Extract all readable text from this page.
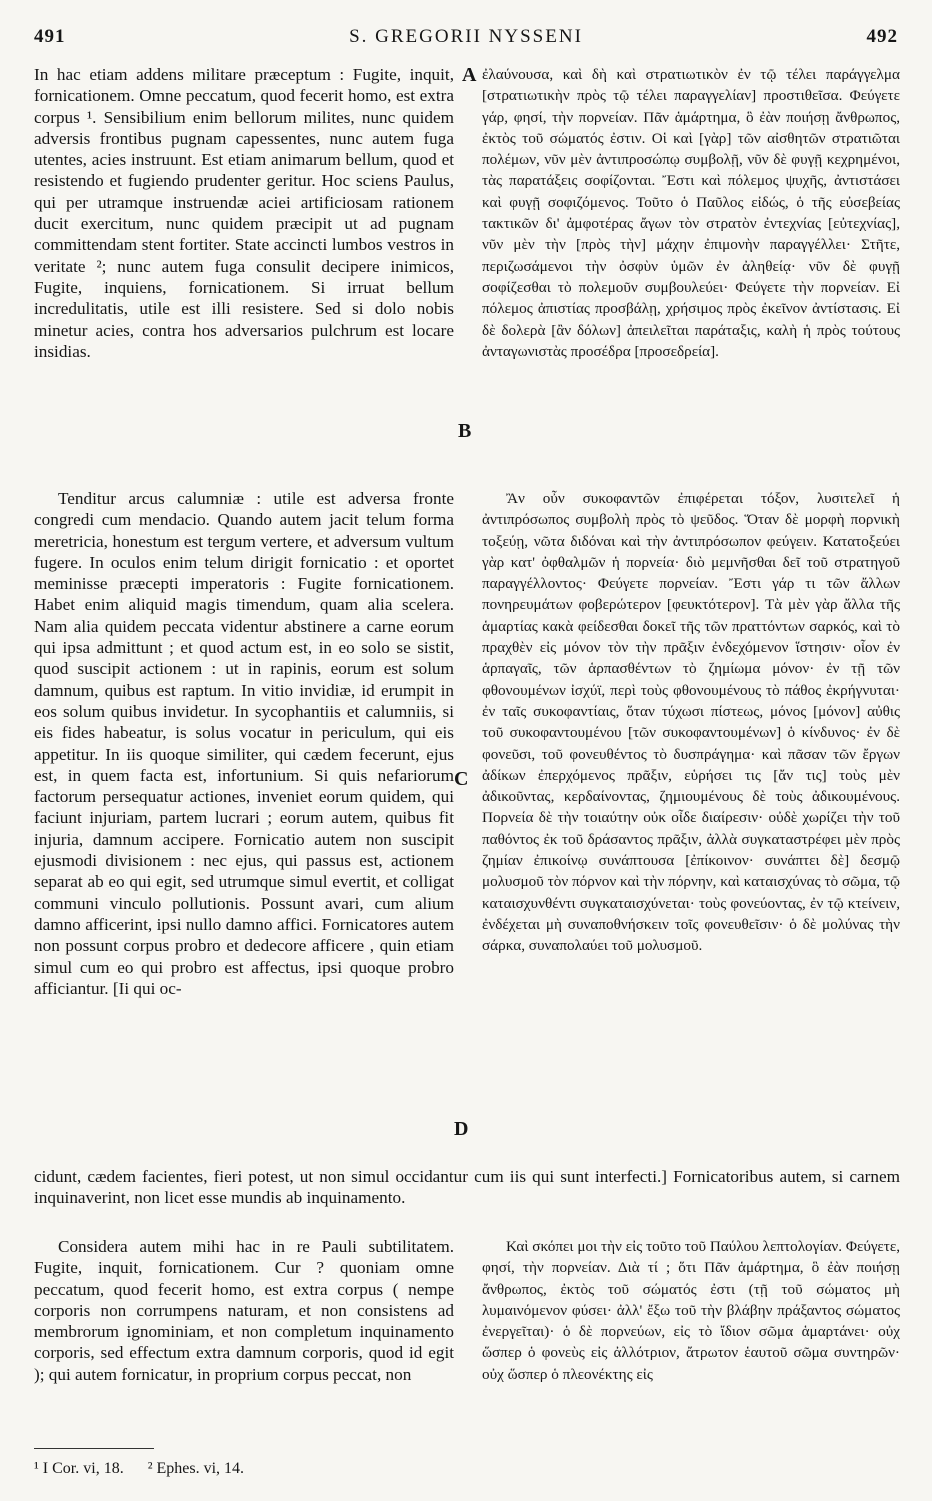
491	S. GREGORII NYSSENI	492

In hac etiam addens militare præceptum : Fugite, inquit, fornicationem. Omne peccatum, quod fecerit homo, est extra corpus ¹. Sensibilium enim bellorum milites, nunc quidem adversis frontibus pugnam capessentes, nunc autem fuga utentes, acies instruunt. Est etiam animarum bellum, quod et resistendo et fugiendo prudenter geritur. Hoc sciens Paulus, qui per utramque instruendæ aciei artificiosam rationem ducit exercitum, nunc quidem præcipit ut ad pugnam committendam stent fortiter. State accincti lumbos vestros in veritate ²; nunc autem fuga consulit decipere inimicos, Fugite, inquiens, fornicationem. Si irruat bellum incredulitatis, utile est illi resistere. Sed si dolo nobis minetur acies, contra hos adversarios pulchrum est locare insidias.

ἐλαύνουσα, καὶ δὴ καὶ στρατιωτικὸν ἐν τῷ τέλει παράγγελμα [στρατιωτικὴν πρὸς τῷ τέλει παραγγελίαν] προστιθεῖσα. Φεύγετε γάρ, φησί, τὴν πορνείαν. Πᾶν ἁμάρτημα, ὃ ἐὰν ποιήσῃ ἄνθρωπος, ἐκτὸς τοῦ σώματός ἐστιν. Οἱ καὶ [γὰρ] τῶν αἰσθητῶν στρατιῶται πολέμων, νῦν μὲν ἀντιπροσώπῳ συμβολῇ, νῦν δὲ φυγῇ κεχρημένοι, τὰς παρατάξεις σοφίζονται. Ἔστι καὶ πόλεμος ψυχῆς, ἀντιστάσει καὶ φυγῇ σοφιζόμενος. Τοῦτο ὁ Παῦλος εἰδώς, ὁ τῆς εὐσεβείας τακτικῶν δι' ἀμφοτέρας ἄγων τὸν στρατὸν ἐντεχνίας [εὐτεχνίας], νῦν μὲν τὴν [πρὸς τὴν] μάχην ἐπιμονὴν παραγγέλλει· Στῆτε, περιζωσάμενοι τὴν ὀσφὺν ὑμῶν ἐν ἀληθείᾳ· νῦν δὲ φυγῇ σοφίζεσθαι τὸ πολεμοῦν συμβουλεύει· Φεύγετε τὴν πορνείαν. Εἰ πόλεμος ἀπιστίας προσβάλῃ, χρήσιμος πρὸς ἐκεῖνον ἀντίστασις. Εἰ δὲ δολερὰ [ἂν δόλων] ἀπειλεῖται παράταξις, καλὴ ἡ πρὸς τούτους ἀνταγωνιστὰς προσέδρα [προσεδρεία].

Tenditur arcus calumniæ : utile est adversa fronte congredi cum mendacio. Quando autem jacit telum forma meretricia, honestum est tergum vertere, et adversum vultum fugere. In oculos enim telum dirigit fornicatio : et oportet meminisse præcepti imperatoris : Fugite fornicationem. Habet enim aliquid magis timendum, quam alia scelera. Nam alia quidem peccata videntur abstinere a carne eorum qui ipsa admittunt ; et quod actum est, in eo solo se sistit, quod suscipit actionem : ut in rapinis, eorum est solum damnum, quibus est raptum. In vitio invidiæ, id erumpit in eos solum quibus invidetur. In sycophantiis et calumniis, si eis fides habeatur, is solus vocatur in periculum, qui eis appetitur. In iis quoque similiter, qui cædem fecerunt, ejus est, in quem facta est, infortunium. Si quis nefariorum factorum persequatur actiones, inveniet eorum quidem, qui faciunt injuriam, partem lucrari ; eorum autem, quibus fit injuria, damnum accipere. Fornicatio autem non suscipit ejusmodi divisionem : nec ejus, qui passus est, actionem separat ab eo qui egit, sed utrumque simul evertit, et colligat communi vinculo pollutionis. Possunt avari, cum alium damno afficerint, ipsi nullo damno affici. Fornicatores autem non possunt corpus probro et dedecore afficere , quin etiam simul cum eo qui probro est affectus, ipsi quoque probro afficiantur. [Ii qui oc-

Ἂν οὖν συκοφαντῶν ἐπιφέρεται τόξον, λυσιτελεῖ ἡ ἀντιπρόσωπος συμβολὴ πρὸς τὸ ψεῦδος. Ὅταν δὲ μορφὴ πορνικὴ τοξεύῃ, νῶτα διδόναι καὶ τὴν ἀντιπρόσωπον φεύγειν. Κατατοξεύει γὰρ κατ' ὀφθαλμῶν ἡ πορνεία· διὸ μεμνῆσθαι δεῖ τοῦ στρατηγοῦ παραγγέλλοντος· Φεύγετε πορνείαν. Ἔστι γάρ τι τῶν ἄλλων πονηρευμάτων φοβερώτερον [φευκτότερον]. Τὰ μὲν γὰρ ἄλλα τῆς ἁμαρτίας κακὰ φείδεσθαι δοκεῖ τῆς τῶν πραττόντων σαρκός, καὶ τὸ πραχθὲν εἰς μόνον τὸν τὴν πρᾶξιν ἐνδεχόμενον ἵστησιν· οἷον ἐν ἁρπαγαῖς, τῶν ἁρπασθέντων τὸ ζημίωμα μόνον· ἐν τῇ τῶν φθονουμένων ἰσχύϊ, περὶ τοὺς φθονουμένους τὸ πάθος ἐκρήγνυται· ἐν ταῖς συκοφαντίαις, ὅταν τύχωσι πίστεως, μόνος [μόνον] αὐθις τοῦ συκοφαντουμένου [τῶν συκοφαντουμένων] ὁ κίνδυνος· ἐν δὲ φονεῦσι, τοῦ φονευθέντος τὸ δυσπράγημα· καὶ πᾶσαν τῶν ἔργων ἀδίκων ἐπερχόμενος πρᾶξιν, εὑρήσει τις [ἄν τις] τοὺς μὲν ἀδικοῦντας, κερδαίνοντας, ζημιουμένους δὲ τοὺς ἀδικουμένους. Πορνεία δὲ τὴν τοιαύτην οὐκ οἶδε διαίρεσιν· οὐδὲ χωρίζει τὴν τοῦ παθόντος ἐκ τοῦ δράσαντος πρᾶξιν, ἀλλὰ συγκαταστρέφει μὲν πρὸς ζημίαν ἐπικοίνῳ συνάπτουσα [ἐπίκοινον· συνάπτει δὲ] δεσμῷ μολυσμοῦ τὸν πόρνον καὶ τὴν πόρνην, καὶ καταισχύνας τὸ σῶμα, τῷ καταισχυνθέντι συγκαταισχύνεται· τοὺς φονεύοντας, ἐν τῷ κτείνειν, ἐνδέχεται μὴ συναποθνήσκειν τοῖς φονευθεῖσιν· ὁ δὲ μολύνας τὴν σάρκα, συναπολαύει τοῦ μολυσμοῦ.

cidunt, cædem facientes, fieri potest, ut non simul occidantur cum iis qui sunt interfecti.] Fornicatoribus autem, si carnem inquinaverint, non licet esse mundis ab inquinamento.

Considera autem mihi hac in re Pauli subtilitatem. Fugite, inquit, fornicationem. Cur ? quoniam omne peccatum, quod fecerit homo, est extra corpus ( nempe corporis non corrumpens naturam, et non consistens ad membrorum ignominiam, et non completum inquinamento corporis, sed effectum extra damnum corporis, quod id egit ); qui autem fornicatur, in proprium corpus peccat, non

Καὶ σκόπει μοι τὴν εἰς τοῦτο τοῦ Παύλου λεπτολογίαν. Φεύγετε, φησί, τὴν πορνείαν. Διὰ τί ; ὅτι Πᾶν ἁμάρτημα, ὃ ἐὰν ποιήσῃ ἄνθρωπος, ἐκτὸς τοῦ σώματός ἐστι (τῇ τοῦ σώματος μὴ λυμαινόμενον φύσει· ἀλλ' ἔξω τοῦ τὴν βλάβην πράξαντος σώματος ἐνεργεῖται)· ὁ δὲ πορνεύων, εἰς τὸ ἴδιον σῶμα ἁμαρτάνει· οὐχ ὥσπερ ὁ φονεὺς εἰς ἀλλότριον, ἄτρωτον ἑαυτοῦ σῶμα συντηρῶν· οὐχ ὥσπερ ὁ πλεονέκτης εἰς

A
B
C
D
¹ I Cor. vi, 18. ² Ephes. vi, 14.
